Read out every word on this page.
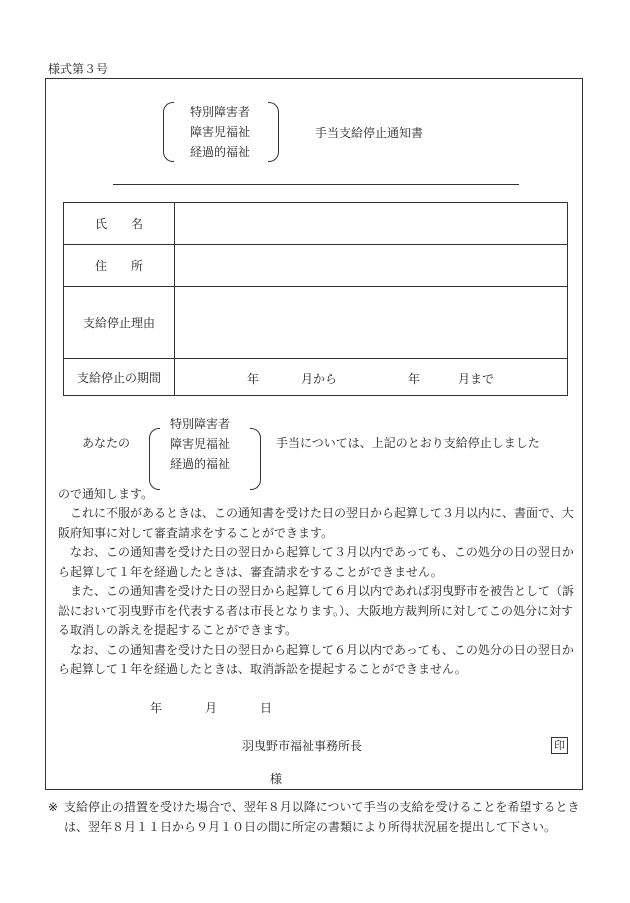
様式第３号
特別障害者
障害児福祉
経過的福祉
手当支給停止通知書
氏　　名	
住　　所	
支給停止理由	
支給停止の期間	年 月から 年 月まで
あなたの
特別障害者
障害児福祉
経過的福祉
手当については、上記のとおり支給停止しました
ので通知します。

これに不服があるときは、この通知書を受けた日の翌日から起算して３月以内に、書面で、大阪府知事に対して審査請求をすることができます。

なお、この通知書を受けた日の翌日から起算して３月以内であっても、この処分の日の翌日から起算して１年を経過したときは、審査請求をすることができません。

また、この通知書を受けた日の翌日から起算して６月以内であれば羽曳野市を被告として（訴訟において羽曳野市を代表する者は市長となります。）、大阪地方裁判所に対してこの処分に対する取消しの訴えを提起することができます。

なお、この通知書を受けた日の翌日から起算して６月以内であっても、この処分の日の翌日から起算して１年を経過したときは、取消訴訟を提起することができません。

年	月	日
羽曳野市福祉事務所長	印
様
※ 支給停止の措置を受けた場合で、翌年８月以降について手当の支給を受けることを希望するときは、翌年８月１１日から９月１０日の間に所定の書類により所得状況届を提出して下さい。
